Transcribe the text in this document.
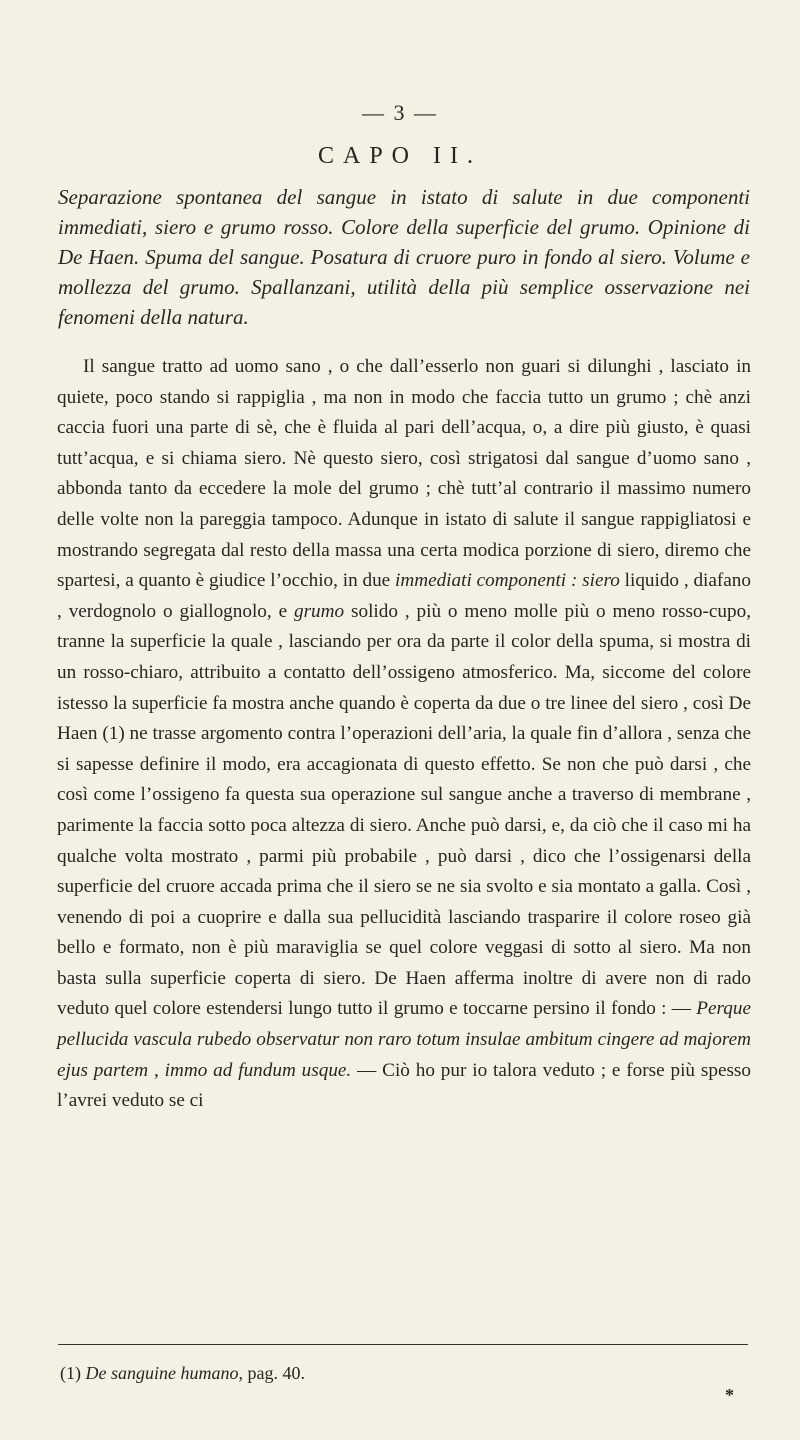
— 3 —
CAPO II.
Separazione spontanea del sangue in istato di salute in due componenti immediati, siero e grumo rosso. Colore della superficie del grumo. Opinione di De Haen. Spuma del sangue. Posatura di cruore puro in fondo al siero. Volume e mollezza del grumo. Spallanzani, utilità della più semplice osservazione nei fenomeni della natura.
Il sangue tratto ad uomo sano , o che dall’esserlo non guari si dilunghi , lasciato in quiete, poco stando si rappiglia , ma non in modo che faccia tutto un grumo ; chè anzi caccia fuori una parte di sè, che è fluida al pari dell’acqua, o, a dire più giusto, è quasi tutt’acqua, e si chiama siero. Nè questo siero, così strigatosi dal sangue d’uomo sano , abbonda tanto da eccedere la mole del grumo ; chè tutt’al contrario il massimo numero delle volte non la pareggia tampoco. Adunque in istato di salute il sangue rappigliatosi e mostrando segregata dal resto della massa una certa modica porzione di siero, diremo che spartesi, a quanto è giudice l’occhio, in due immediati componenti : siero liquido , diafano , verdognolo o giallognolo, e grumo solido , più o meno molle più o meno rosso-cupo, tranne la superficie la quale , lasciando per ora da parte il color della spuma, si mostra di un rosso-chiaro, attribuito a contatto dell’ossigeno atmosferico. Ma, siccome del colore istesso la superficie fa mostra anche quando è coperta da due o tre linee del siero , così De Haen (1) ne trasse argomento contra l’operazioni dell’aria, la quale fin d’allora , senza che si sapesse definire il modo, era accagionata di questo effetto. Se non che può darsi , che così come l’ossigeno fa questa sua operazione sul sangue anche a traverso di membrane , parimente la faccia sotto poca altezza di siero. Anche può darsi, e, da ciò che il caso mi ha qualche volta mostrato , parmi più probabile , può darsi , dico che l’ossigenarsi della superficie del cruore accada prima che il siero se ne sia svolto e sia montato a galla. Così , venendo di poi a cuoprire e dalla sua pellucidità lasciando trasparire il colore roseo già bello e formato, non è più maraviglia se quel colore veggasi di sotto al siero. Ma non basta sulla superficie coperta di siero. De Haen afferma inoltre di avere non di rado veduto quel colore estendersi lungo tutto il grumo e toccarne persino il fondo : — Perque pellucida vascula rubedo observatur non raro totum insulae ambitum cingere ad majorem ejus partem , immo ad fundum usque. — Ciò ho pur io talora veduto ; e forse più spesso l’avrei veduto se ci
(1) De sanguine humano, pag. 40.
*
